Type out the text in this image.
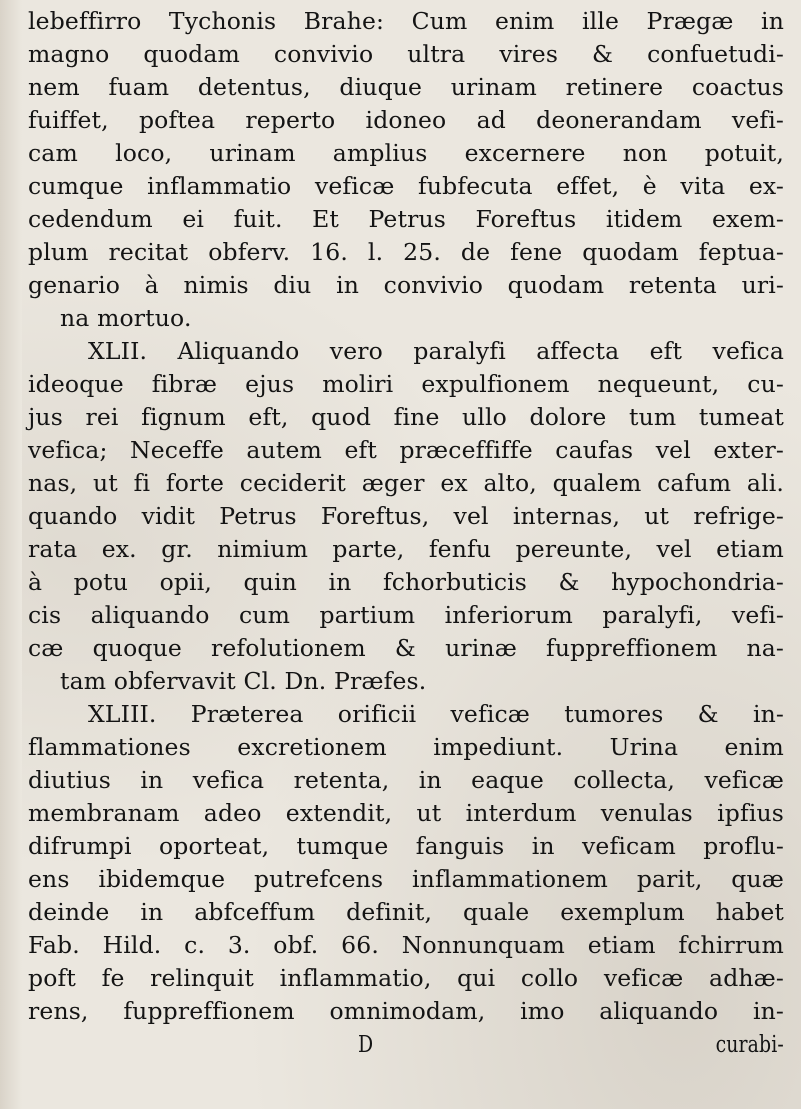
lebeffirro Tychonis Brahe: Cum enim ille Prægæ in
magno quodam convivio ultra vires & confuetudi-
nem fuam detentus, diuque urinam retinere coactus
fuiffet, poftea reperto idoneo ad deonerandam vefi-
cam loco, urinam amplius excernere non potuit,
cumque inflammatio veficæ fubfecuta effet, è vita ex-
cedendum ei fuit. Et Petrus Foreftus itidem exem-
plum recitat obferv. 16. l. 25. de fene quodam feptua-
genario à nimis diu in convivio quodam retenta uri-
na mortuo.
XLII. Aliquando vero paralyfi affecta eft vefica
ideoque fibræ ejus moliri expulfionem nequeunt, cu-
jus rei fignum eft, quod fine ullo dolore tum tumeat
vefica; Neceffe autem eft præceffiffe caufas vel exter-
nas, ut fi forte ceciderit æger ex alto, qualem cafum ali.
quando vidit Petrus Foreftus, vel internas, ut refrige-
rata ex. gr. nimium parte, fenfu pereunte, vel etiam
à potu opii, quin in fchorbuticis & hypochondria-
cis aliquando cum partium inferiorum paralyfi, vefi-
cæ quoque refolutionem & urinæ fuppreffionem na-
tam obfervavit Cl. Dn. Præfes.
XLIII. Præterea orificii veficæ tumores & in-
flammationes excretionem impediunt. Urina enim
diutius in vefica retenta, in eaque collecta, veficæ
membranam adeo extendit, ut interdum venulas ipfius
difrumpi oporteat, tumque fanguis in veficam proflu-
ens ibidemque putrefcens inflammationem parit, quæ
deinde in abfceffum definit, quale exemplum habet
Fab. Hild. c. 3. obf. 66. Nonnunquam etiam fchirrum
poft fe relinquit inflammatio, qui collo veficæ adhæ-
rens, fuppreffionem omnimodam, imo aliquando in-
D                                                        curabi-
